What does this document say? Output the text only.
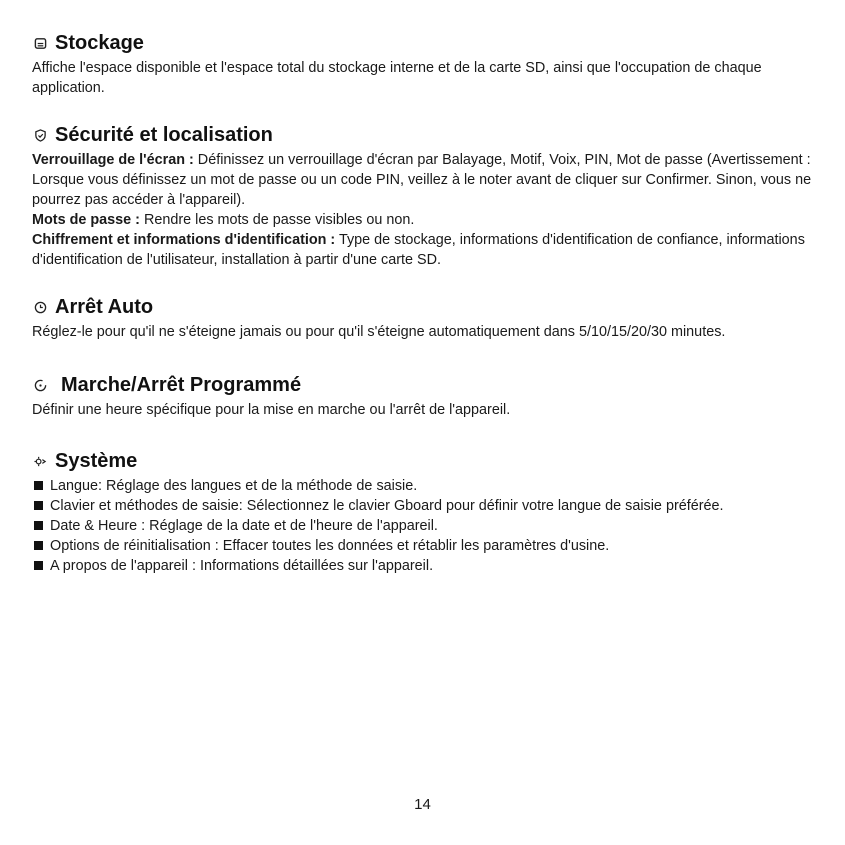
Stockage

Affiche l'espace disponible et l'espace total du stockage interne et de la carte SD, ainsi que l'occupation de chaque application.

Sécurité et localisation

Verrouillage de l'écran : Définissez un verrouillage d'écran par Balayage, Motif, Voix, PIN, Mot de passe (Avertissement : Lorsque vous définissez un mot de passe ou un code PIN, veillez à le noter avant de cliquer sur Confirmer. Sinon, vous ne pourrez pas accéder à l'appareil).

Mots de passe : Rendre les mots de passe visibles ou non.

Chiffrement et informations d'identification : Type de stockage, informations d'identification de confiance, informations d'identification de l'utilisateur, installation à partir d'une carte SD.

Arrêt Auto

Réglez-le pour qu'il ne s'éteigne jamais ou pour qu'il s'éteigne automatiquement dans 5/10/15/20/30 minutes.

Marche/Arrêt Programmé

Définir une heure spécifique pour la mise en marche ou l'arrêt de l'appareil.

Système
Langue: Réglage des langues et de la méthode de saisie.
Clavier et méthodes de saisie: Sélectionnez le clavier Gboard pour définir votre langue de saisie préférée.
Date & Heure : Réglage de la date et de l'heure de l'appareil.
Options de réinitialisation : Effacer toutes les données et rétablir les paramètres d'usine.
A propos de l'appareil : Informations détaillées sur l'appareil.
14
